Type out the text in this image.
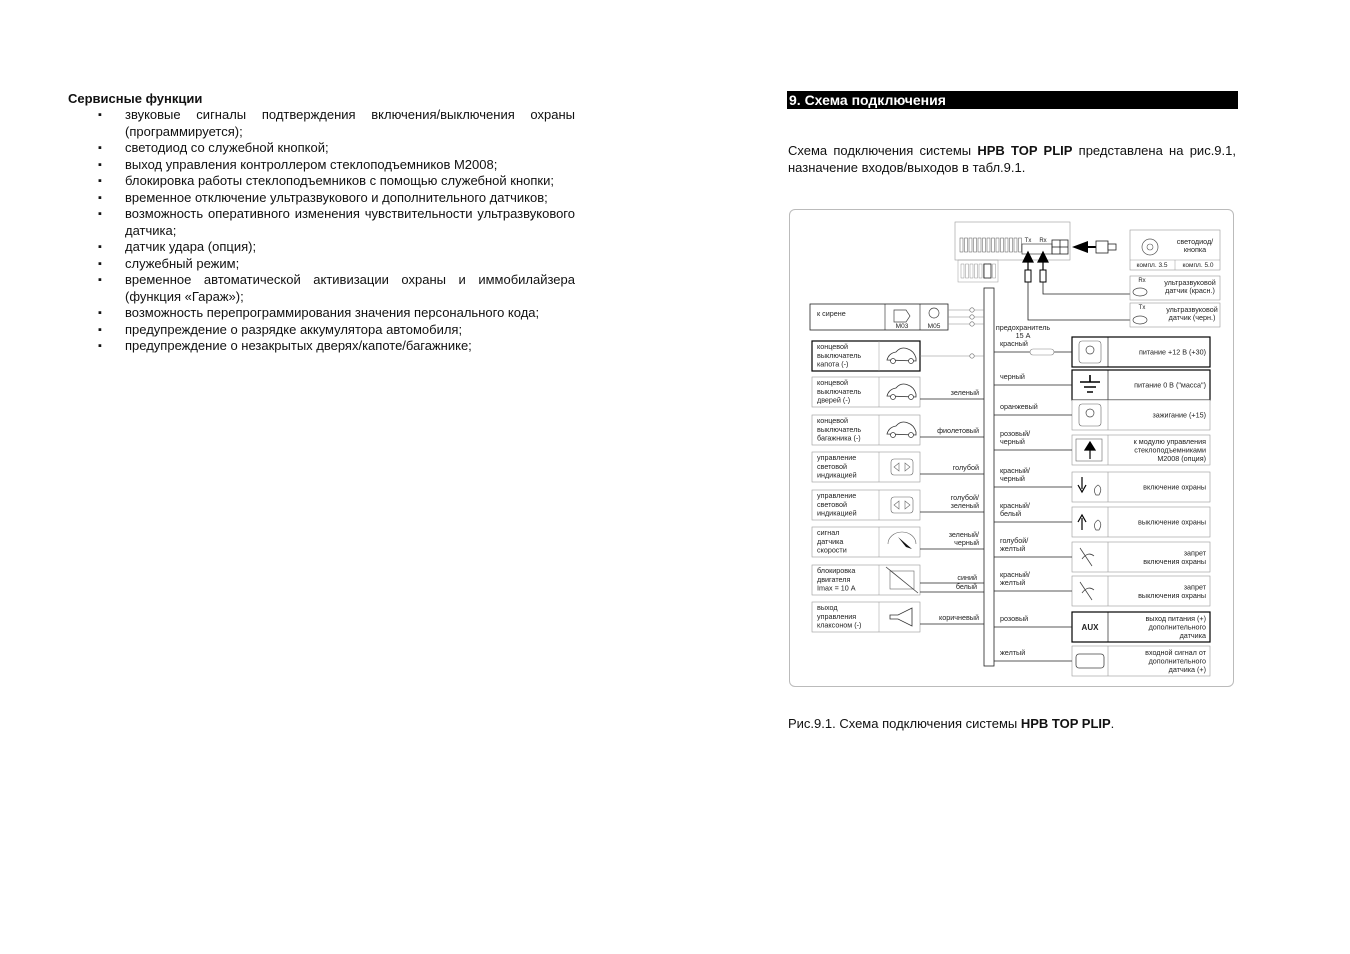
Сервисные функции
▪ звуковые сигналы подтверждения включения/выключения охраны (программируется);
▪ светодиод со служебной кнопкой;
▪ выход управления контроллером стеклоподъемников M2008;
▪ блокировка работы стеклоподъемников с помощью служебной кнопки;
▪ временное отключение ультразвукового и дополнительного датчиков;
▪ возможность оперативного изменения чувствительности ультразвукового датчика;
▪ датчик удара (опция);
▪ служебный режим;
▪ временное автоматической активизации охраны и иммобилайзера (функция «Гараж»);
▪ возможность перепрограммирования значения персонального кода;
▪ предупреждение о разрядке аккумулятора автомобиля;
▪ предупреждение о незакрытых дверях/капоте/багажнике;
9. Схема подключения
Схема подключения системы HPB TOP PLIP представлена на рис.9.1, назначение входов/выходов в табл.9.1.
Tx Rx	светодиод/
кнопка
компл. 3.5 компл. 5.0
Rx	ультразвуковой
датчик (красн.)
Tx	ультразвуковой
датчик (черн.)
к сирене
M03	M05	предохранитель
15 А
концевой
выключатель
капота (-)
концевой
выключатель
дверей (-)
зеленый
концевой
выключатель
багажника (-)
фиолетовый
управление
световой
индикацией
голубой
управление
световой
индикацией
голубой/
зеленый
сигнал
датчика
скорости
зеленый/
черный
блокировка
двигателя
Imax = 10 А
синий
белый
выход
управления
клаксоном (-)
коричневый
питание +12 В (+30)
красный
питание 0 В ("масса")
черный
зажигание (+15)
оранжевый
к модулю управления
стеклоподъемниками
M2008 (опция)
розовый/
черный
включение охраны
красный/
черный
выключение охраны
красный/
белый
запрет
включения охраны
голубой/
желтый
запрет
выключения охраны
красный/
желтый
выход питания (+)
дополнительного
датчика
AUX
розовый
входной сигнал от
дополнительного
датчика (+)
желтый
Рис.9.1. Схема подключения системы HPB TOP PLIP.
